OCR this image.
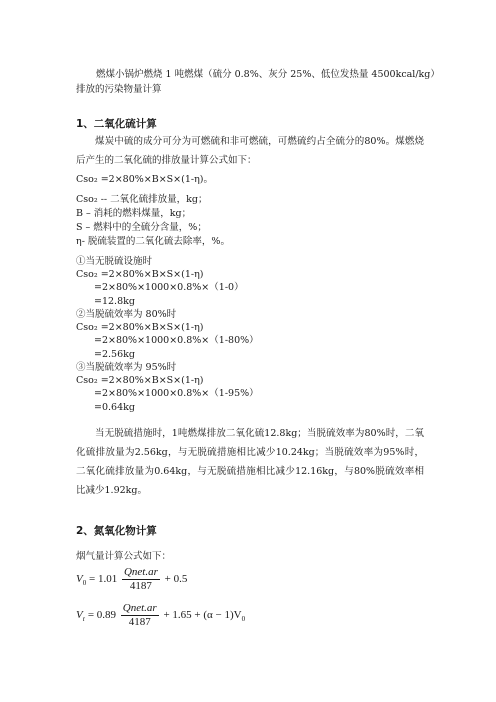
燃煤小锅炉燃烧 1 吨燃煤（硫分 0.8%、灰分 25%、低位发热量 4500kcal/kg）
排放的污染物量计算
1、二氧化硫计算
煤炭中硫的成分可分为可燃硫和非可燃硫，可燃硫约占全硫分的80%。煤燃烧后产生的二氧化硫的排放量计算公式如下：
Cso₂ =2×80%×B×S×(1-η)。
Cso₂ -- 二氧化硫排放量，kg；
B – 消耗的燃料煤量，kg；
S – 燃料中的全硫分含量，%；
η- 脱硫装置的二氧化硫去除率，%。
①当无脱硫设施时
Cso₂ =2×80%×B×S×(1-η)
=2×80%×1000×0.8%×（1-0）
=12.8kg
②当脱硫效率为 80%时
Cso₂ =2×80%×B×S×(1-η)
=2×80%×1000×0.8%×（1-80%）
=2.56kg
③当脱硫效率为 95%时
Cso₂ =2×80%×B×S×(1-η)
=2×80%×1000×0.8%×（1-95%）
=0.64kg
当无脱硫措施时，1吨燃煤排放二氧化硫12.8kg；当脱硫效率为80%时，二氧化硫排放量为2.56kg，与无脱硫措施相比减少10.24kg；当脱硫效率为95%时，二氧化硫排放量为0.64kg，与无脱硫措施相比减少12.16kg，与80%脱硫效率相比减少1.92kg。
2、氮氧化物计算
烟气量计算公式如下：
$V_0 = 1.01 \frac{\text{Qnet.ar}}{4187} + 0.5$
$V_r = 0.89 \frac{\text{Qnet.ar}}{4187} + 1.65 + (\alpha - 1)V_0$
